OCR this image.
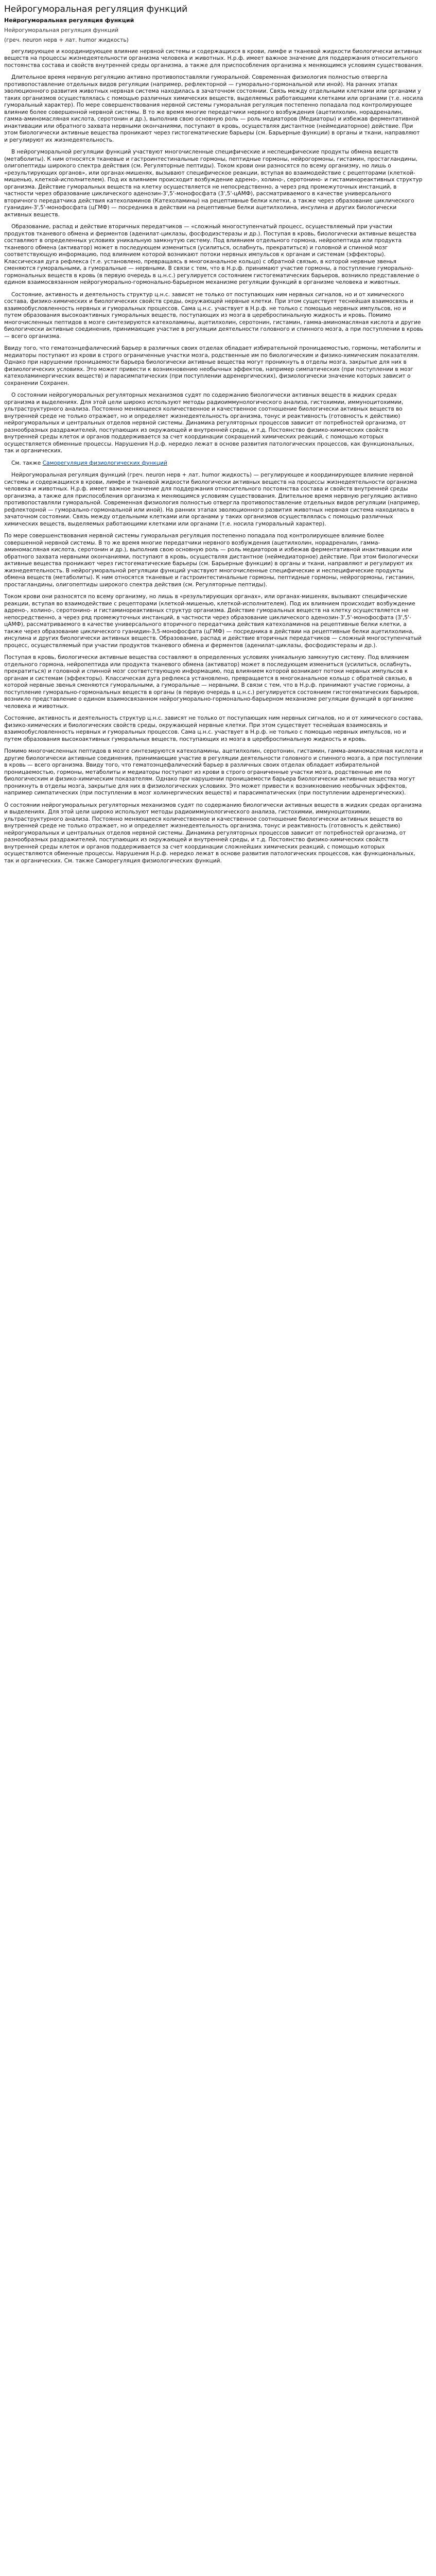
Нейрогуморальная регуляция функций
Нейрогуморальная регуляция функций
Нейрогуморальная регуляция функций
(греч. neuron нерв + лат. humor жидкость)

регулирующее и координирующее влияние нервной системы и содержащихся в крови, лимфе и тканевой жидкости биологически активных веществ на процессы жизнедеятельности организма человека и животных. Н.р.ф. имеет важное значение для поддержания относительного постоянства состава и свойств внутренней среды организма, а также для приспособления организма к меняющимся условиям существования.

Длительное время нервную регуляцию активно противопоставляли гуморальной. Современная физиология полностью отвергла противопоставление отдельных видов регуляции (например, рефлекторной — гуморально-гормональной или иной). На ранних этапах эволюционного развития животных нервная система находилась в зачаточном состоянии. Связь между отдельными клетками или органами у таких организмов осуществлялась с помощью различных химических веществ, выделяемых работающими клетками или органами (т.е. носила гуморальный характер). По мере совершенствования нервной системы гуморальная регуляция постепенно попадала под контролирующее влияние более совершенной нервной системы. В то же время многие передатчики нервного возбуждения (ацетилхолин, норадреналин, гамма-аминомасляная кислота, серотонин и др.), выполнив свою основную роль — роль медиаторов (Медиаторы) и избежав ферментативной инактивации или обратного захвата нервными окончаниями, поступают в кровь, осуществляя дистантное (неймедиаторное) действие. При этом биологически активные вещества проникают через гистогематические барьеры (см. Барьерные функции) в органы и ткани, направляют и регулируют их жизнедеятельность.

В нейрогуморальной регуляции функций участвуют многочисленные специфические и неспецифические продукты обмена веществ (метаболиты). К ним относятся тканевые и гастроинтестинальные гормоны, пептидные гормоны, нейрогормоны, гистамин, простагландины, олигопептиды широкого спектра действия (см. Регуляторные пептиды). Током крови они разносятся по всему организму, но лишь о «результирующих органов», или органах-мишенях, вызывают специфическое реакции, вступая во взаимодействие с рецепторами (клеткой-мишенью, клеткой-исполнителем). Под их влиянием происходит возбуждение адрено-, холино-, серотонино- и гистаминореактивных структур организма. Действие гуморальных веществ на клетку осуществляется не непосредственно, а через ряд промежуточных инстанций, в частности через образование циклического аденозин-3',5'-монофосфата (3',5'-цАМФ), рассматриваемого в качестве универсального вторичного передатчика действия катехоламинов (Катехоламины) на рецептивные белки клетки, а также через образование циклического гуанидин-3',5'-монофосфата (цГМФ) — посредника в действии на рецептивные белки ацетилхолина, инсулина и других биологически активных веществ.

Образование, распад и действие вторичных передатчиков — «сложный многоступенчатый процесс, осуществляемый при участии продуктов тканевого обмена и ферментов (аденилат-циклазы, фосфодиэстеразы и др.). Поступая в кровь, биологически активные вещества составляют в определенных условиях уникальную замкнутую систему. Под влиянием отдельного гормона, нейропептида или продукта тканевого обмена (активатор) может в последующем измениться (усилиться, ослабнуть, прекратиться) и головной и спинной мозг соответствующую информацию, под влиянием которой возникают потоки нервных импульсов к органам и системам (эффекторы). Классическая дуга рефлекса (т.е. установлено, превращаясь в многоканальное кольцо) с обратной связью, в которой нервные звенья сменяются гуморальными, а гуморальные — нервными. В связи с тем, что в Н.р.ф. принимают участие гормоны, а поступление гуморально-гормональных веществ в кровь (в первую очередь в ц.н.с.) регулируется состоянием гистогематических барьеров, возникло представление о едином взаимосвязанном нейрогуморально-гормонально-барьерном механизме регуляции функций в организме человека и животных.

Состояние, активность и деятельность структур ц.н.с. зависят не только от поступающих ним нервных сигналов, но и от химического состава, физико-химических и биологических свойств среды, окружающей нервные клетки. При этом существует теснейшая взаимосвязь и взаимообусловленность нервных и гуморальных процессов. Сама ц.н.с. участвует в Н.р.ф. не только с помощью нервных импульсов, но и путем образования высокоактивных гуморальных веществ, поступающих из мозга в цереброспинальную жидкость и кровь. Помимо многочисленных пептидов в мозге синтезируются катехоламины, ацетилхолин, серотонин, гистамин, гамма-аминомасляная кислота и другие биологически активные соединения, принимающие участие в регуляции деятельности головного и спинного мозга, а при поступлении в кровь — всего организма.

Ввиду того, что гематоэнцефалический барьер в различных своих отделах обладает избирательной проницаемостью, гормоны, метаболиты и медиаторы поступают из крови в строго ограниченные участки мозга, родственные им по биологическим и физико-химическим показателям. Однако при нарушении проницаемости барьера биологически активные вещества могут проникнуть в отделы мозга, закрытые для них в физиологических условиях. Это может привести к возникновению необычных эффектов, например симпатических (при поступлении в мозг катехоламинергических веществ) и парасимпатических (при поступлении адренергических), физиологически значение которых зависит о сохранении Сохранен.

О состоянии нейрогуморальных регуляторных механизмов судят по содержанию биологически активных веществ в жидких средах организма и выделениях. Для этой цели широко используют методы радиоиммунологического анализа, гистохимии, иммуноцитохимии, ультраструктурного анализа. Постоянно меняющееся количественное и качественное соотношение биологически активных веществ во внутренней среде не только отражает, но и определяет жизнедеятельность организма, тонус и реактивность (готовность к действию) нейрогуморальных и центральных отделов нервной системы. Динамика регуляторных процессов зависит от потребностей организма, от разнообразных раздражителей, поступающих из окружающей и внутренней среды, и т.д. Постоянство физико-химических свойств внутренней среды клеток и органов поддерживается за счет координации сокращений химических реакций, с помощью которых осуществляется обменные процессы. Нарушения Н.р.ф. нередко лежат в основе развития патологических процессов, как функциональных, так и органических.

См. также Саморегуляция физиологических функций

Нейрогуморальная регуляция функций (греч. neuron нерв + лат. humor жидкость) — регулирующее и координирующее влияние нервной системы и содержащихся в крови, лимфе и тканевой жидкости биологически активных веществ на процессы жизнедеятельности организма человека и животных. Н.р.ф. имеет важное значение для поддержания относительного постоянства состава и свойств внутренней среды организма, а также для приспособления организма к меняющимся условиям существования. Длительное время нервную регуляцию активно противопоставляли гуморальной. Современная физиология полностью отвергла противопоставление отдельных видов регуляции (например, рефлекторной — гуморально-гормональной или иной). На ранних этапах эволюционного развития животных нервная система находилась в зачаточном состоянии. Связь между отдельными клетками или органами у таких организмов осуществлялась с помощью различных химических веществ, выделяемых работающими клетками или органами (т.е. носила гуморальный характер).

По мере совершенствования нервной системы гуморальная регуляция постепенно попадала под контролирующее влияние более совершенной нервной системы. В то же время многие передатчики нервного возбуждения (ацетилхолин, норадреналин, гамма-аминомасляная кислота, серотонин и др.), выполнив свою основную роль — роль медиаторов и избежав ферментативной инактивации или обратного захвата нервными окончаниями, поступают в кровь, осуществляя дистантное (неймедиаторное) действие. При этом биологически активные вещества проникают через гистогематические барьеры (см. Барьерные функции) в органы и ткани, направляют и регулируют их жизнедеятельность. В нейрогуморальной регуляции функций участвуют многочисленные специфические и неспецифические продукты обмена веществ (метаболиты). К ним относятся тканевые и гастроинтестинальные гормоны, пептидные гормоны, нейрогормоны, гистамин, простагландины, олигопептиды широкого спектра действия (см. Регуляторные пептиды).

Током крови они разносятся по всему организму, но лишь в «результирующих органах», или органах-мишенях, вызывают специфические реакции, вступая во взаимодействие с рецепторами (клеткой-мишенью, клеткой-исполнителем). Под их влиянием происходит возбуждение адрено-, холино-, серотонино- и гистаминореактивных структур организма. Действие гуморальных веществ на клетку осуществляется не непосредственно, а через ряд промежуточных инстанций, в частности через образование циклического аденозин-3',5'-монофосфата (3',5'-цАМФ), рассматриваемого в качестве универсального вторичного передатчика действия катехоламинов на рецептивные белки клетки, а также через образование циклического гуанидин-3,5-монофосфата (цГМФ) — посредника в действии на рецептивные белки ацетилхолина, инсулина и других биологически активных веществ. Образование, распад и действие вторичных передатчиков — сложный многоступенчатый процесс, осуществляемый при участии продуктов тканевого обмена и ферментов (аденилат-циклазы, фосфодиэстеразы и др.).

Поступая в кровь, биологически активные вещества составляют в определенных условиях уникальную замкнутую систему. Под влиянием отдельного гормона, нейропептида или продукта тканевого обмена (активатор) может в последующем измениться (усилиться, ослабнуть, прекратиться) и головной и спинной мозг соответствующую информацию, под влиянием которой возникают потоки нервных импульсов к органам и системам (эффекторы). Классическая дуга рефлекса установлено, превращается в многоканальное кольцо с обратной связью, в которой нервные звенья сменяются гуморальными, а гуморальные — нервными. В связи с тем, что в Н.р.ф. принимают участие гормоны, а поступление гуморально-гормональных веществ в органы (в первую очередь в ц.н.с.) регулируется состоянием гистогематических барьеров, возникло представление о едином взаимосвязанном нейрогуморально-гормонально-барьерном механизме регуляции функций в организме человека и животных.

Состояние, активность и деятельность структур ц.н.с. зависят не только от поступающих ним нервных сигналов, но и от химического состава, физико-химических и биологических свойств среды, окружающей нервные клетки. При этом существует теснейшая взаимосвязь и взаимообусловленность нервных и гуморальных процессов. Сама ц.н.с. участвует в Н.р.ф. не только с помощью нервных импульсов, но и путем образования высокоактивных гуморальных веществ, поступающих из мозга в цереброспинальную жидкость и кровь.

Помимо многочисленных пептидов в мозге синтезируются катехоламины, ацетилхолин, серотонин, гистамин, гамма-аминомасляная кислота и другие биологически активные соединения, принимающие участие в регуляции деятельности головного и спинного мозга, а при поступлении в кровь — всего организма. Ввиду того, что гематоэнцефалический барьер в различных своих отделах обладает избирательной проницаемостью, гормоны, метаболиты и медиаторы поступают из крови в строго ограниченные участки мозга, родственные им по биологическим и физико-химическим показателям. Однако при нарушении проницаемости барьера биологически активные вещества могут проникнуть в отделы мозга, закрытые для них в физиологических условиях. Это может привести к возникновению необычных эффектов, например симпатических (при поступлении в мозг холинергических веществ) и парасимпатических (при поступлении адренергических).

О состоянии нейрогуморальных регуляторных механизмов судят по содержанию биологически активных веществ в жидких средах организма и выделениях. Для этой цели широко используют методы радиоиммунологического анализа, гистохимии, иммуноцитохимии, ультраструктурного анализа. Постоянно меняющееся количественное и качественное соотношение биологически активных веществ во внутренней среде не только отражает, но и определяет жизнедеятельность организма, тонус и реактивность (готовность к действию) нейрогуморальных и центральных отделов нервной системы. Динамика регуляторных процессов зависит от потребностей организма, от разнообразных раздражителей, поступающих из окружающей и внутренней среды, и т.д. Постоянство физико-химических свойств внутренней среды клеток и органов поддерживается за счет координации сложнейших химических реакций, с помощью которых осуществляются обменные процессы. Нарушения Н.р.ф. нередко лежат в основе развития патологических процессов, как функциональных, так и органических. См. также Саморегуляция физиологических функций.
